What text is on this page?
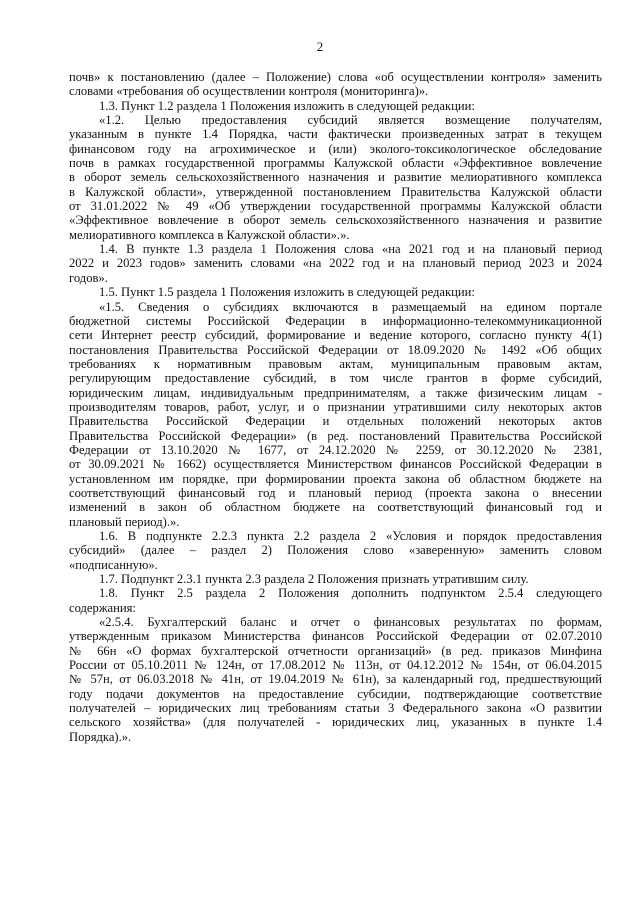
2
почв» к постановлению (далее – Положение) слова «об осуществлении контроля» заменить
словами «требования об осуществлении контроля (мониторинга)».
1.3. Пункт 1.2 раздела 1 Положения изложить в следующей редакции:
«1.2. Целью предоставления субсидий является возмещение получателям,
указанным в пункте 1.4 Порядка, части фактически произведенных затрат в текущем
финансовом году на агрохимическое и (или) эколого-токсикологическое обследование
почв в рамках государственной программы Калужской области «Эффективное вовлечение
в оборот земель сельскохозяйственного назначения и развитие мелиоративного комплекса
в Калужской области», утвержденной постановлением Правительства Калужской области
от 31.01.2022 № 49 «Об утверждении государственной программы Калужской области
«Эффективное вовлечение в оборот земель сельскохозяйственного назначения и развитие
мелиоративного комплекса в Калужской области».».
1.4. В пункте 1.3 раздела 1 Положения слова «на 2021 год и на плановый период
2022 и 2023 годов» заменить словами «на 2022 год и на плановый период 2023 и 2024
годов».
1.5. Пункт 1.5 раздела 1 Положения изложить в следующей редакции:
«1.5. Сведения о субсидиях включаются в размещаемый на едином портале
бюджетной системы Российской Федерации в информационно-телекоммуникационной
сети Интернет реестр субсидий, формирование и ведение которого, согласно пункту 4(1)
постановления Правительства Российской Федерации от 18.09.2020 № 1492 «Об общих
требованиях к нормативным правовым актам, муниципальным правовым актам,
регулирующим предоставление субсидий, в том числе грантов в форме субсидий,
юридическим лицам, индивидуальным предпринимателям, а также физическим лицам -
производителям товаров, работ, услуг, и о признании утратившими силу некоторых актов
Правительства Российской Федерации и отдельных положений некоторых актов
Правительства Российской Федерации» (в ред. постановлений Правительства Российской
Федерации от 13.10.2020 № 1677, от 24.12.2020 № 2259, от 30.12.2020 № 2381,
от 30.09.2021 № 1662) осуществляется Министерством финансов Российской Федерации в
установленном им порядке, при формировании проекта закона об областном бюджете на
соответствующий финансовый год и плановый период (проекта закона о внесении
изменений в закон об областном бюджете на соответствующий финансовый год и
плановый период).».
1.6. В подпункте 2.2.3 пункта 2.2 раздела 2 «Условия и порядок предоставления
субсидий» (далее – раздел 2) Положения слово «заверенную» заменить словом
«подписанную».
1.7. Подпункт 2.3.1 пункта 2.3 раздела 2 Положения признать утратившим силу.
1.8. Пункт 2.5 раздела 2 Положения дополнить подпунктом 2.5.4 следующего
содержания:
«2.5.4. Бухгалтерский баланс и отчет о финансовых результатах по формам,
утвержденным приказом Министерства финансов Российской Федерации от 02.07.2010
№ 66н «О формах бухгалтерской отчетности организаций» (в ред. приказов Минфина
России от 05.10.2011 № 124н, от 17.08.2012 № 113н, от 04.12.2012 № 154н, от 06.04.2015
№ 57н, от 06.03.2018 № 41н, от 19.04.2019 № 61н), за календарный год, предшествующий
году подачи документов на предоставление субсидии, подтверждающие соответствие
получателей – юридических лиц требованиям статьи 3 Федерального закона «О развитии
сельского хозяйства» (для получателей - юридических лиц, указанных в пункте 1.4
Порядка).».
